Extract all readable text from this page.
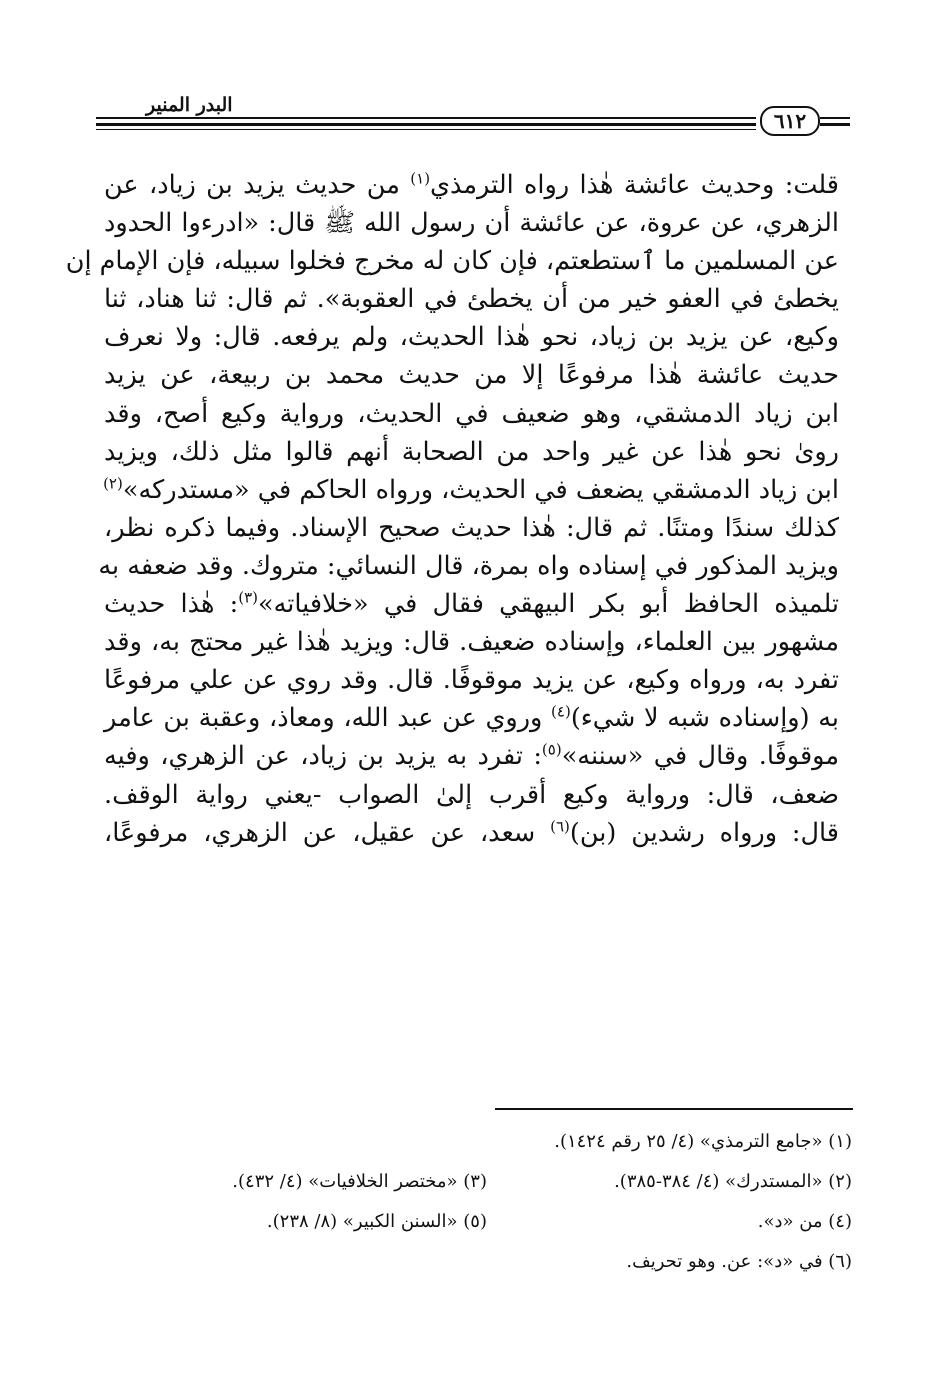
البدر المنير
٦١٢
قلت: وحديث عائشة هٰذا رواه الترمذي$^{(١)}$ من حديث يزيد بن زياد، عن
الزهري، عن عروة، عن عائشة أن رسول الله ﷺ قال: «ادرءوا الحدود
عن المسلمين ما ٱستطعتم، فإن كان له مخرج فخلوا سبيله، فإن الإمام إن
يخطئ في العفو خير من أن يخطئ في العقوبة». ثم قال: ثنا هناد، ثنا
وكيع، عن يزيد بن زياد، نحو هٰذا الحديث، ولم يرفعه. قال: ولا نعرف
حديث عائشة هٰذا مرفوعًا إلا من حديث محمد بن ربيعة، عن يزيد
ابن زياد الدمشقي، وهو ضعيف في الحديث، ورواية وكيع أصح، وقد
رویٰ نحو هٰذا عن غير واحد من الصحابة أنهم قالوا مثل ذلك، ويزيد
ابن زياد الدمشقي يضعف في الحديث، ورواه الحاكم في «مستدركه»$^{(٢)}$
كذلك سندًا ومتنًا. ثم قال: هٰذا حديث صحيح الإسناد. وفيما ذكره نظر،
ويزيد المذكور في إسناده واه بمرة، قال النسائي: متروك. وقد ضعفه به
تلميذه الحافظ أبو بكر البيهقي فقال في «خلافياته»$^{(٣)}$: هٰذا حديث
مشهور بين العلماء، وإسناده ضعيف. قال: ويزيد هٰذا غير محتج به، وقد
تفرد به، ورواه وكيع، عن يزيد موقوفًا. قال. وقد روي عن علي مرفوعًا
به (وإسناده شبه لا شيء)$^{(٤)}$ وروي عن عبد الله، ومعاذ، وعقبة بن عامر
موقوفًا. وقال في «سننه»$^{(٥)}$: تفرد به يزيد بن زياد، عن الزهري، وفيه
ضعف، قال: ورواية وكيع أقرب إلىٰ الصواب -يعني رواية الوقف.
قال: ورواه رشدين (بن)$^{(٦)}$ سعد، عن عقيل، عن الزهري، مرفوعًا،
(١) «جامع الترمذي» (٤/ ٢٥ رقم ١٤٢٤).
(٢) «المستدرك» (٤/ ٣٨٤-٣٨٥).
(٣) «مختصر الخلافيات» (٤/ ٤٣٢).
(٤) من «د».
(٥) «السنن الكبير» (٨/ ٢٣٨).
(٦) في «د»: عن. وهو تحريف.
